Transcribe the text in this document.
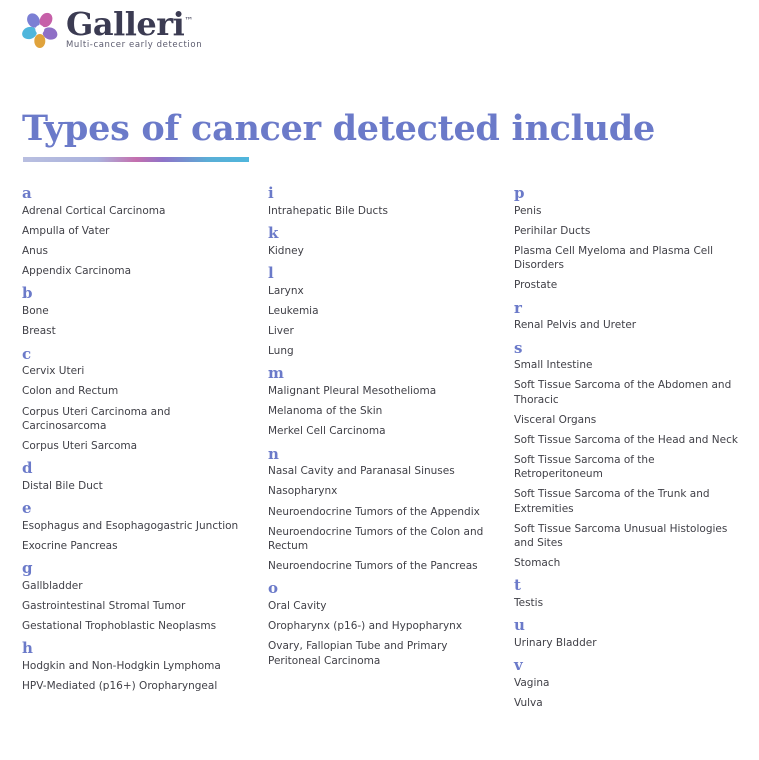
Galleri™
Multi-cancer early detection
Types of cancer detected include
a
Adrenal Cortical Carcinoma
Ampulla of Vater
Anus
Appendix Carcinoma
b
Bone
Breast
c
Cervix Uteri
Colon and Rectum
Corpus Uteri Carcinoma and Carcinosarcoma
Corpus Uteri Sarcoma
d
Distal Bile Duct
e
Esophagus and Esophagogastric Junction
Exocrine Pancreas
g
Gallbladder
Gastrointestinal Stromal Tumor
Gestational Trophoblastic Neoplasms
h
Hodgkin and Non-Hodgkin Lymphoma
HPV-Mediated (p16+) Oropharyngeal
i
Intrahepatic Bile Ducts
k
Kidney
l
Larynx
Leukemia
Liver
Lung
m
Malignant Pleural Mesothelioma
Melanoma of the Skin
Merkel Cell Carcinoma
n
Nasal Cavity and Paranasal Sinuses
Nasopharynx
Neuroendocrine Tumors of the Appendix
Neuroendocrine Tumors of the Colon and Rectum
Neuroendocrine Tumors of the Pancreas
o
Oral Cavity
Oropharynx (p16-) and Hypopharynx
Ovary, Fallopian Tube and Primary Peritoneal Carcinoma
p
Penis
Perihilar Ducts
Plasma Cell Myeloma and Plasma Cell Disorders
Prostate
r
Renal Pelvis and Ureter
s
Small Intestine
Soft Tissue Sarcoma of the Abdomen and Thoracic
Visceral Organs
Soft Tissue Sarcoma of the Head and Neck
Soft Tissue Sarcoma of the Retroperitoneum
Soft Tissue Sarcoma of the Trunk and Extremities
Soft Tissue Sarcoma Unusual Histologies and Sites
Stomach
t
Testis
u
Urinary Bladder
v
Vagina
Vulva
